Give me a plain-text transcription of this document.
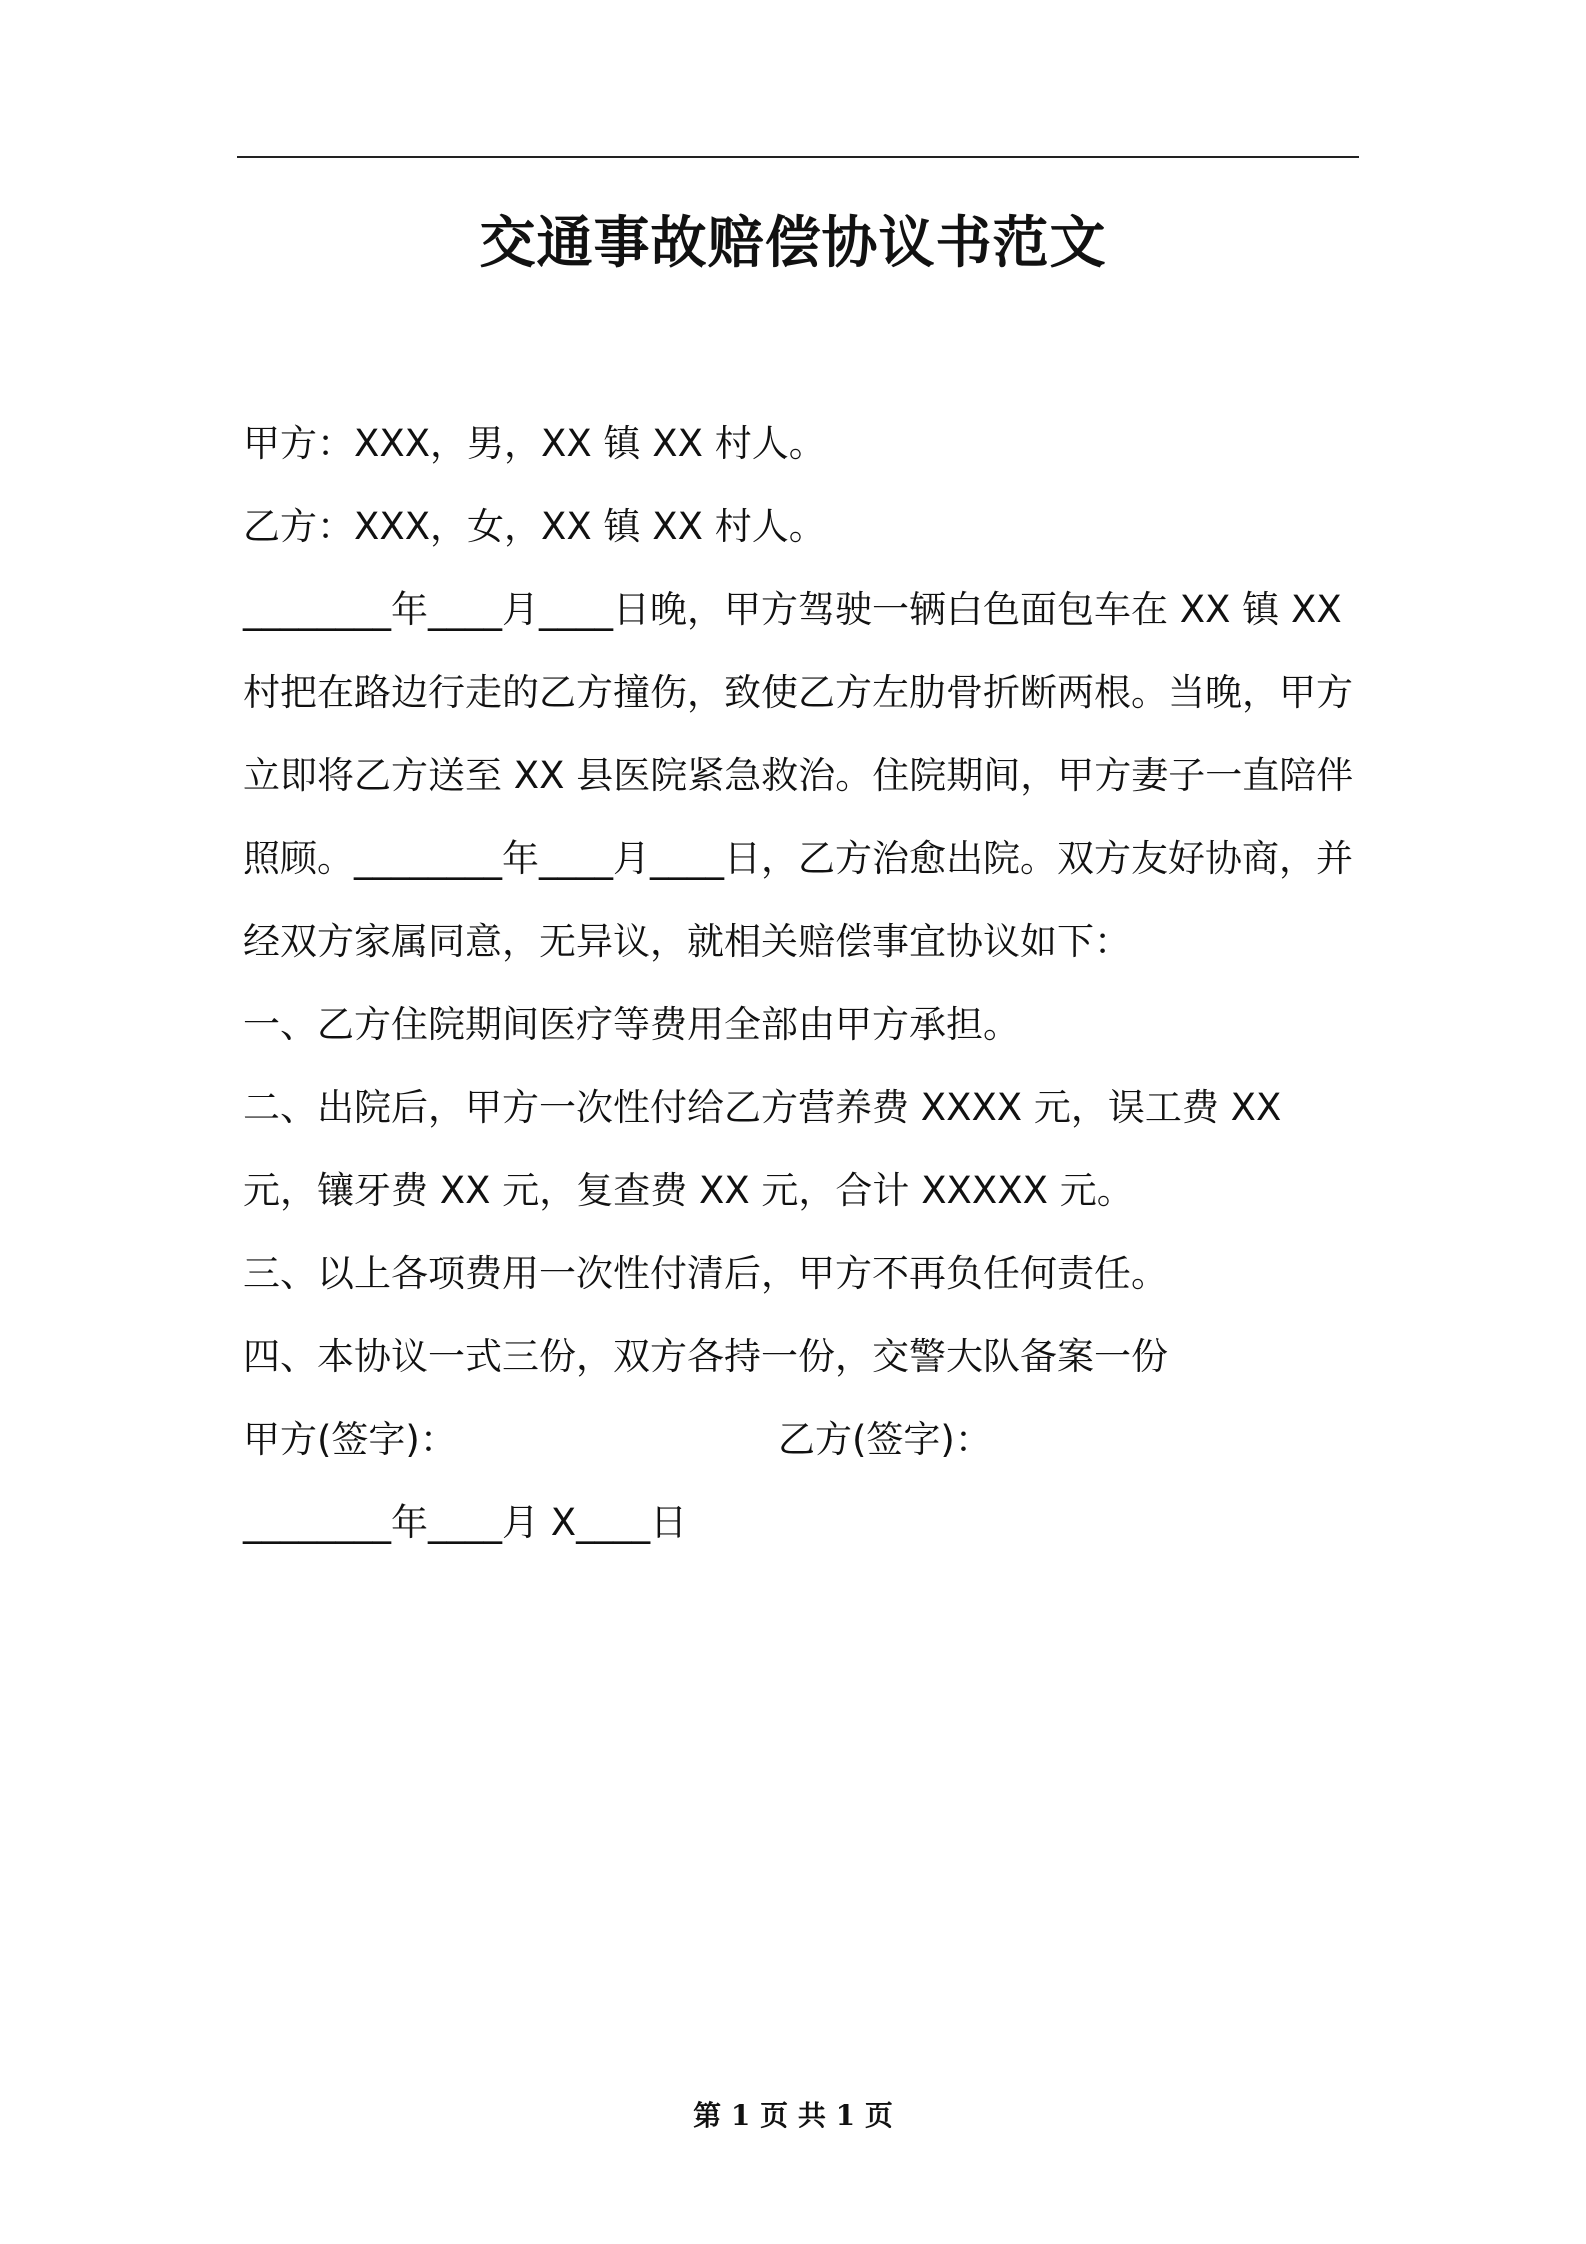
交通事故赔偿协议书范文

甲方：XXX，男，XX 镇 XX 村人。

乙方：XXX，女，XX 镇 XX 村人。

________年____月____日晚，甲方驾驶一辆白色面包车在 XX 镇 XX 村把在路边行走的乙方撞伤，致使乙方左肋骨折断两根。当晚，甲方立即将乙方送至 XX 县医院紧急救治。住院期间，甲方妻子一直陪伴照顾。________年____月____日，乙方治愈出院。双方友好协商，并经双方家属同意，无异议，就相关赔偿事宜协议如下：

一、乙方住院期间医疗等费用全部由甲方承担。

二、出院后，甲方一次性付给乙方营养费 XXXX 元，误工费 XX 元，镶牙费 XX 元，复查费 XX 元，合计 XXXXX 元。

三、以上各项费用一次性付清后，甲方不再负任何责任。

四、本协议一式三份，双方各持一份，交警大队备案一份

甲方(签字)：	乙方(签字)：

________年____月 X____日

第 1 页 共 1 页
